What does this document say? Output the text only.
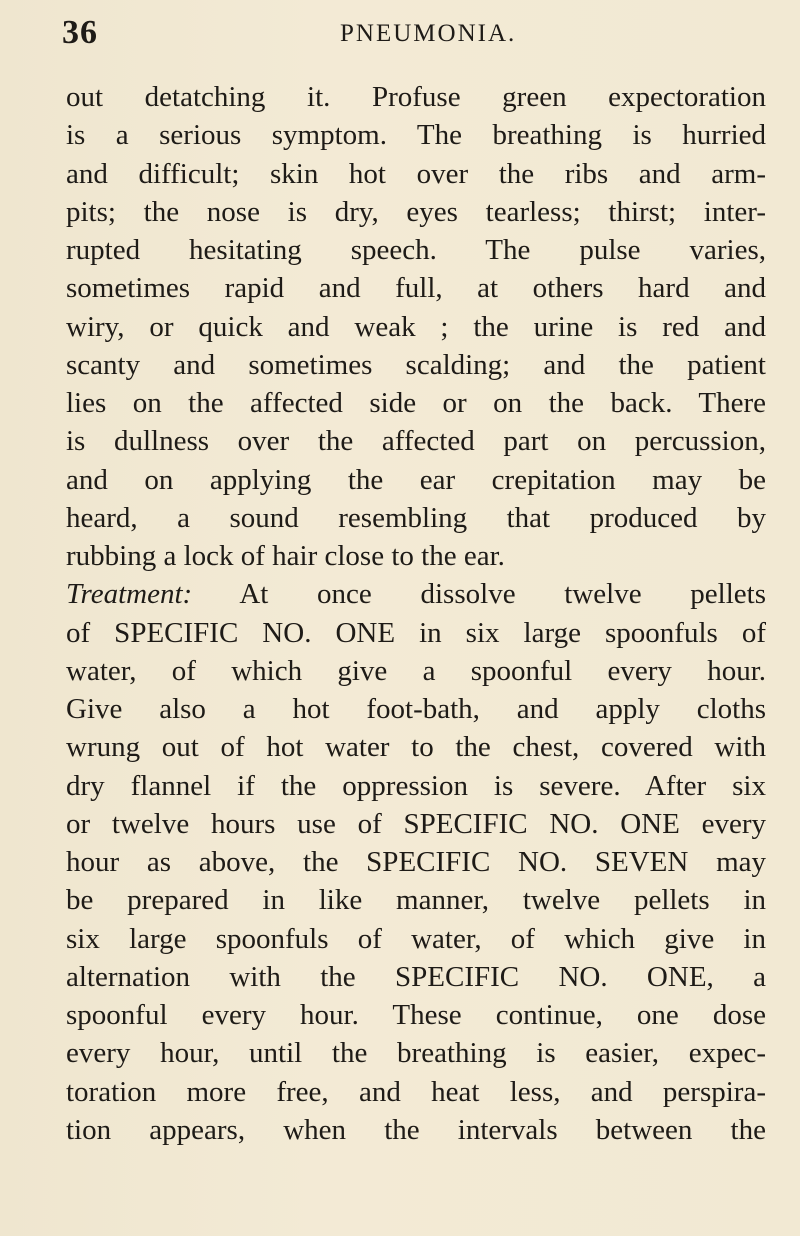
36	PNEUMONIA.
out detatching it. Profuse green expectoration
is a serious symptom. The breathing is hurried
and difficult; skin hot over the ribs and arm-
pits; the nose is dry, eyes tearless; thirst; inter-
rupted hesitating speech. The pulse varies,
sometimes rapid and full, at others hard and
wiry, or quick and weak ; the urine is red and
scanty and sometimes scalding; and the patient
lies on the affected side or on the back. There
is dullness over the affected part on percussion,
and on applying the ear crepitation may be
heard, a sound resembling that produced by
rubbing a lock of hair close to the ear.
Treatment: At once dissolve twelve pellets
of SPECIFIC NO. ONE in six large spoonfuls of
water, of which give a spoonful every hour.
Give also a hot foot-bath, and apply cloths
wrung out of hot water to the chest, covered with
dry flannel if the oppression is severe. After six
or twelve hours use of SPECIFIC NO. ONE every
hour as above, the SPECIFIC NO. SEVEN may
be prepared in like manner, twelve pellets in
six large spoonfuls of water, of which give in
alternation with the SPECIFIC NO. ONE, a
spoonful every hour. These continue, one dose
every hour, until the breathing is easier, expec-
toration more free, and heat less, and perspira-
tion appears, when the intervals between the
